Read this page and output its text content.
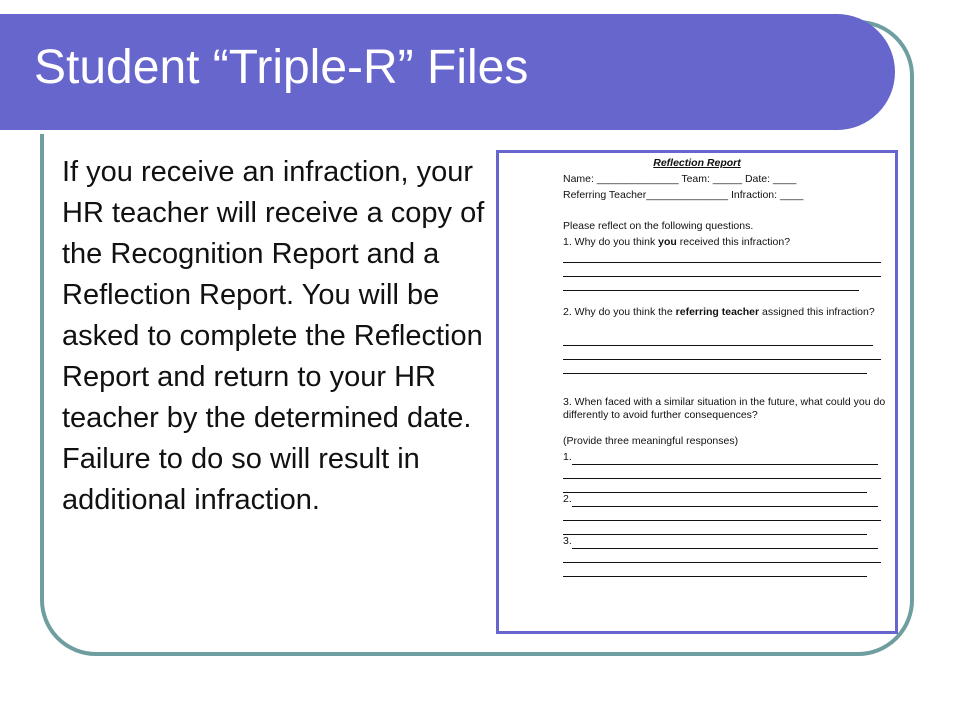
Student “Triple-R” Files

If you receive an infraction, your HR teacher will receive a copy of the Recognition Report and a Reflection Report. You will be asked to complete the Reflection Report and return to your HR teacher by the determined date. Failure to do so will result in additional infraction.

Reflection Report
Name: ______________ Team: _____ Date: ____
Referring Teacher______________ Infraction: ____
Please reflect on the following questions.
1. Why do you think you received this infraction?
2. Why do you think the referring teacher assigned this infraction?
3. When faced with a similar situation in the future, what could you do differently to avoid further consequences?
(Provide three meaningful responses)
1.
2.
3.
